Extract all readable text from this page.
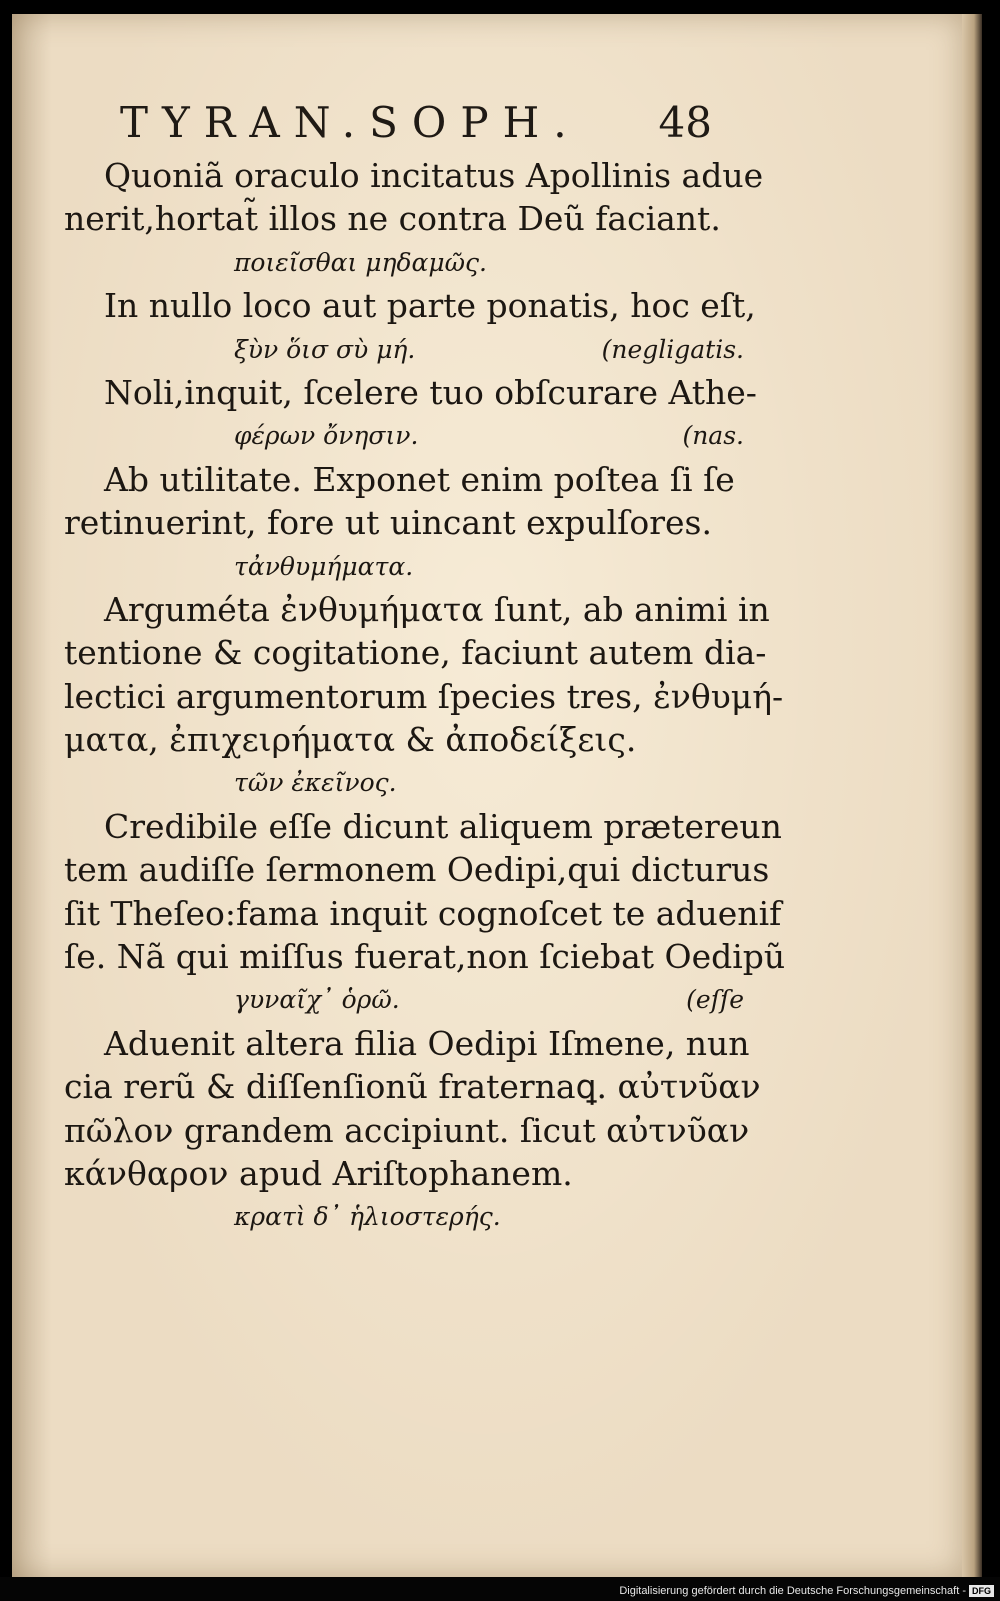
TYRAN.SOPH. 48
Quoniã oraculo incitatus Apollinis adue
nerit,hortat̃ illos ne contra Deũ faciant.
ποιεῖσθαι μηδαμῶς.
In nullo loco aut parte ponatis, hoc eſt,
ξὺν ὅισ σὺ μή.	(negligatis.
Noli,inquit, ſcelere tuo obſcurare Athe-
φέρων ὄνησιν.	(nas.
Ab utilitate. Exponet enim poſtea ſi ſe
retinuerint, fore ut uincant expulſores.
τἀνθυμήματα.
Arguméta ἐνθυμήματα ſunt, ab animi in
tentione & cogitatione, faciunt autem dia-
lectici argumentorum ſpecies tres, ἐνθυμή-
ματα, ἐπιχειρήματα & ἀποδείξεις.
τῶν ἐκεῖνος.
Credibile eſſe dicunt aliquem prætereun
tem audiſſe ſermonem Oedipi,qui dicturus
ſit Theſeo:fama inquit cognoſcet te aduenif
ſe. Nã qui miſſus fuerat,non ſciebat Oedipũ
γυναῖχ᾽ ὁρῶ.	(eſſe
Aduenit altera filia Oedipi Iſmene, nun
cia rerũ & diſſenſionũ fraternaꝗ. αὐτνῦαν
πῶλον grandem accipiunt. ſicut αὐτνῦαν
κάνθαρον apud Ariſtophanem.
κρατὶ δ᾽ ἡλιοστερής.
Digitalisierung gefördert durch die Deutsche Forschungsgemeinschaft - DFG
